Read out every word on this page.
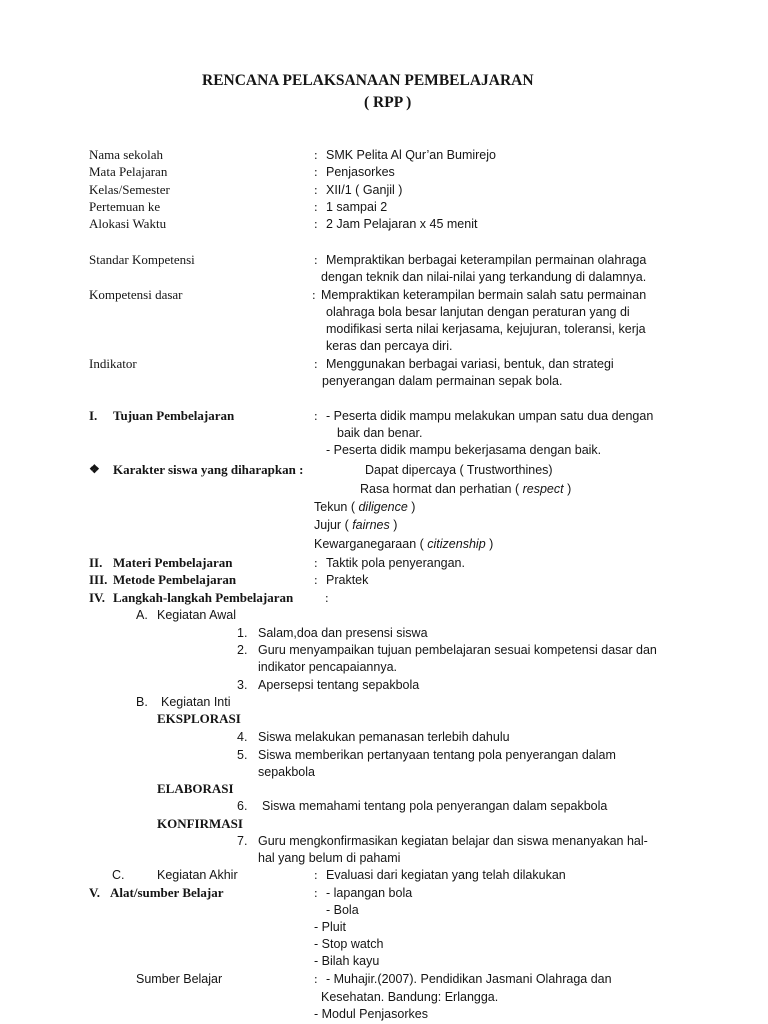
RENCANA PELAKSANAAN PEMBELAJARAN
( RPP )
Nama sekolah	: SMK Pelita Al Qur’an Bumirejo
Mata Pelajaran	: Penjasorkes
Kelas/Semester	: XII/1 ( Ganjil )
Pertemuan ke	: 1 sampai 2
Alokasi Waktu	: 2 Jam Pelajaran x 45 menit
Standar Kompetensi	: Mempraktikan berbagai keterampilan permainan olahraga
dengan teknik dan nilai-nilai yang terkandung di dalamnya.
Kompetensi dasar	: Mempraktikan keterampilan bermain salah satu permainan
olahraga bola besar lanjutan dengan peraturan yang di
modifikasi serta nilai kerjasama, kejujuran, toleransi, kerja
keras dan percaya diri.
Indikator	: Menggunakan berbagai variasi, bentuk, dan strategi
penyerangan dalam permainan sepak bola.
I. Tujuan Pembelajaran	: - Peserta didik mampu melakukan umpan satu dua dengan
baik dan benar.
- Peserta didik mampu bekerjasama dengan baik.
❖ Karakter siswa yang diharapkan :	Dapat dipercaya ( Trustworthines)
Rasa hormat dan perhatian ( respect )
Tekun ( diligence )
Jujur ( fairnes )
Kewarganegaraan ( citizenship )
II. Materi Pembelajaran	: Taktik pola penyerangan.
III. Metode Pembelajaran	: Praktek
IV. Langkah-langkah Pembelajaran :
A. Kegiatan Awal
1. Salam,doa dan presensi siswa
2. Guru menyampaikan tujuan pembelajaran sesuai kompetensi dasar dan
indikator pencapaiannya.
3. Apersepsi tentang sepakbola
B. Kegiatan Inti
EKSPLORASI
4. Siswa melakukan pemanasan terlebih dahulu
5. Siswa memberikan pertanyaan tentang pola penyerangan dalam
sepakbola
ELABORASI
6. Siswa memahami tentang pola penyerangan dalam sepakbola
KONFIRMASI
7. Guru mengkonfirmasikan kegiatan belajar dan siswa menanyakan hal-
hal yang belum di pahami
C.	Kegiatan Akhir	: Evaluasi dari kegiatan yang telah dilakukan
V. Alat/sumber Belajar	: - lapangan bola
- Bola
- Pluit
- Stop watch
- Bilah kayu
Sumber Belajar	: - Muhajir.(2007). Pendidikan Jasmani Olahraga dan
Kesehatan. Bandung: Erlangga.
- Modul Penjasorkes
